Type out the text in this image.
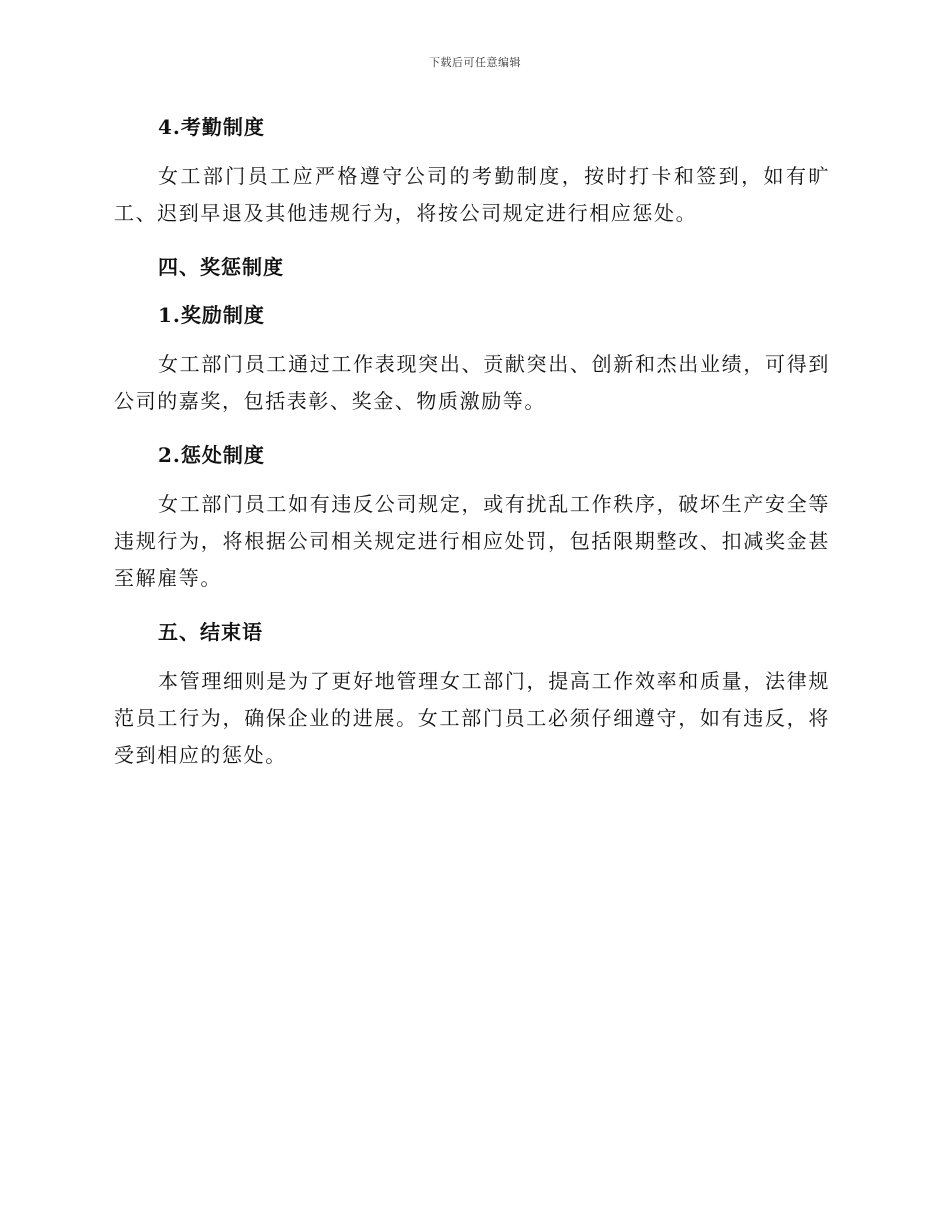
下载后可任意编辑

4.考勤制度

女工部门员工应严格遵守公司的考勤制度，按时打卡和签到，如有旷工、迟到早退及其他违规行为，将按公司规定进行相应惩处。

四、奖惩制度

1.奖励制度

女工部门员工通过工作表现突出、贡献突出、创新和杰出业绩，可得到公司的嘉奖，包括表彰、奖金、物质激励等。

2.惩处制度

女工部门员工如有违反公司规定，或有扰乱工作秩序，破坏生产安全等违规行为，将根据公司相关规定进行相应处罚，包括限期整改、扣减奖金甚至解雇等。

五、结束语

本管理细则是为了更好地管理女工部门，提高工作效率和质量，法律规范员工行为，确保企业的进展。女工部门员工必须仔细遵守，如有违反，将受到相应的惩处。
